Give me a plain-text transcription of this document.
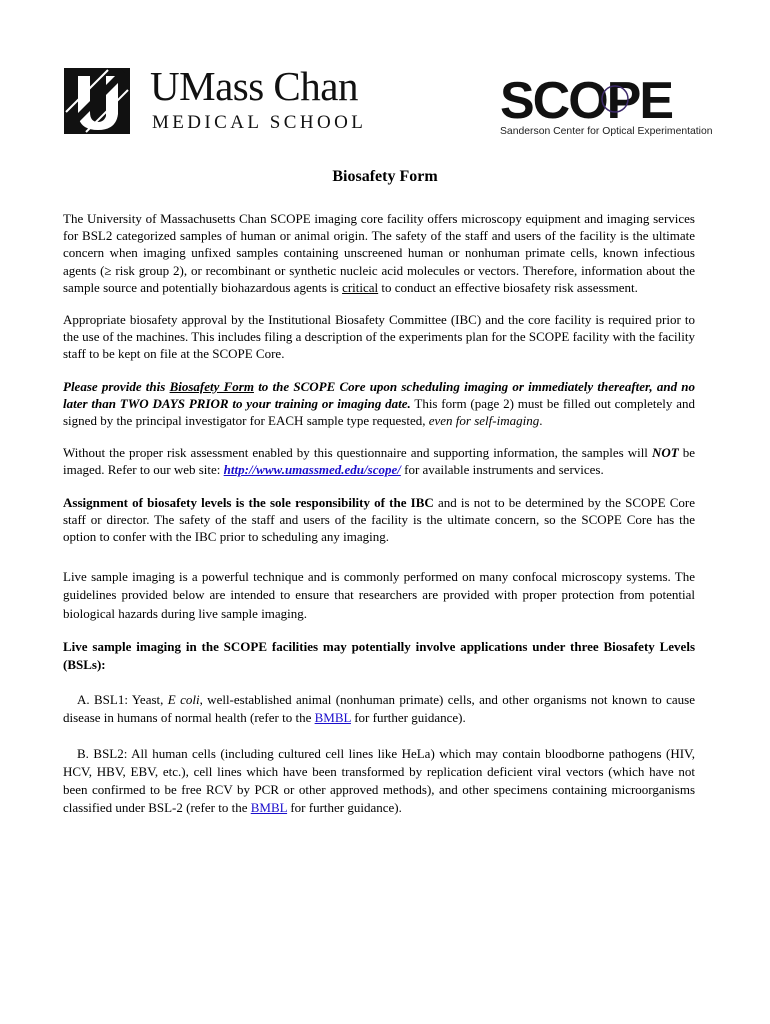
UMass Chan
MEDICAL SCHOOL	SCOPE
Sanderson Center for Optical Experimentation
Biosafety Form

The University of Massachusetts Chan SCOPE imaging core facility offers microscopy equipment and imaging services for BSL2 categorized samples of human or animal origin. The safety of the staff and users of the facility is the ultimate concern when imaging unfixed samples containing unscreened human or nonhuman primate cells, known infectious agents (≥ risk group 2), or recombinant or synthetic nucleic acid molecules or vectors. Therefore, information about the sample source and potentially biohazardous agents is critical to conduct an effective biosafety risk assessment.

Appropriate biosafety approval by the Institutional Biosafety Committee (IBC) and the core facility is required prior to the use of the machines. This includes filing a description of the experiments plan for the SCOPE facility with the facility staff to be kept on file at the SCOPE Core.

Please provide this Biosafety Form to the SCOPE Core upon scheduling imaging or immediately thereafter, and no later than TWO DAYS PRIOR to your training or imaging date. This form (page 2) must be filled out completely and signed by the principal investigator for EACH sample type requested, even for self-imaging.

Without the proper risk assessment enabled by this questionnaire and supporting information, the samples will NOT be imaged. Refer to our web site: http://www.umassmed.edu/scope/ for available instruments and services.

Assignment of biosafety levels is the sole responsibility of the IBC and is not to be determined by the SCOPE Core staff or director. The safety of the staff and users of the facility is the ultimate concern, so the SCOPE Core has the option to confer with the IBC prior to scheduling any imaging.

Live sample imaging is a powerful technique and is commonly performed on many confocal microscopy systems. The guidelines provided below are intended to ensure that researchers are provided with proper protection from potential biological hazards during live sample imaging.

Live sample imaging in the SCOPE facilities may potentially involve applications under three Biosafety Levels (BSLs):

A. BSL1: Yeast, E coli, well-established animal (nonhuman primate) cells, and other organisms not known to cause disease in humans of normal health (refer to the BMBL for further guidance).

B. BSL2: All human cells (including cultured cell lines like HeLa) which may contain bloodborne pathogens (HIV, HCV, HBV, EBV, etc.), cell lines which have been transformed by replication deficient viral vectors (which have not been confirmed to be free RCV by PCR or other approved methods), and other specimens containing microorganisms classified under BSL-2 (refer to the BMBL for further guidance).
